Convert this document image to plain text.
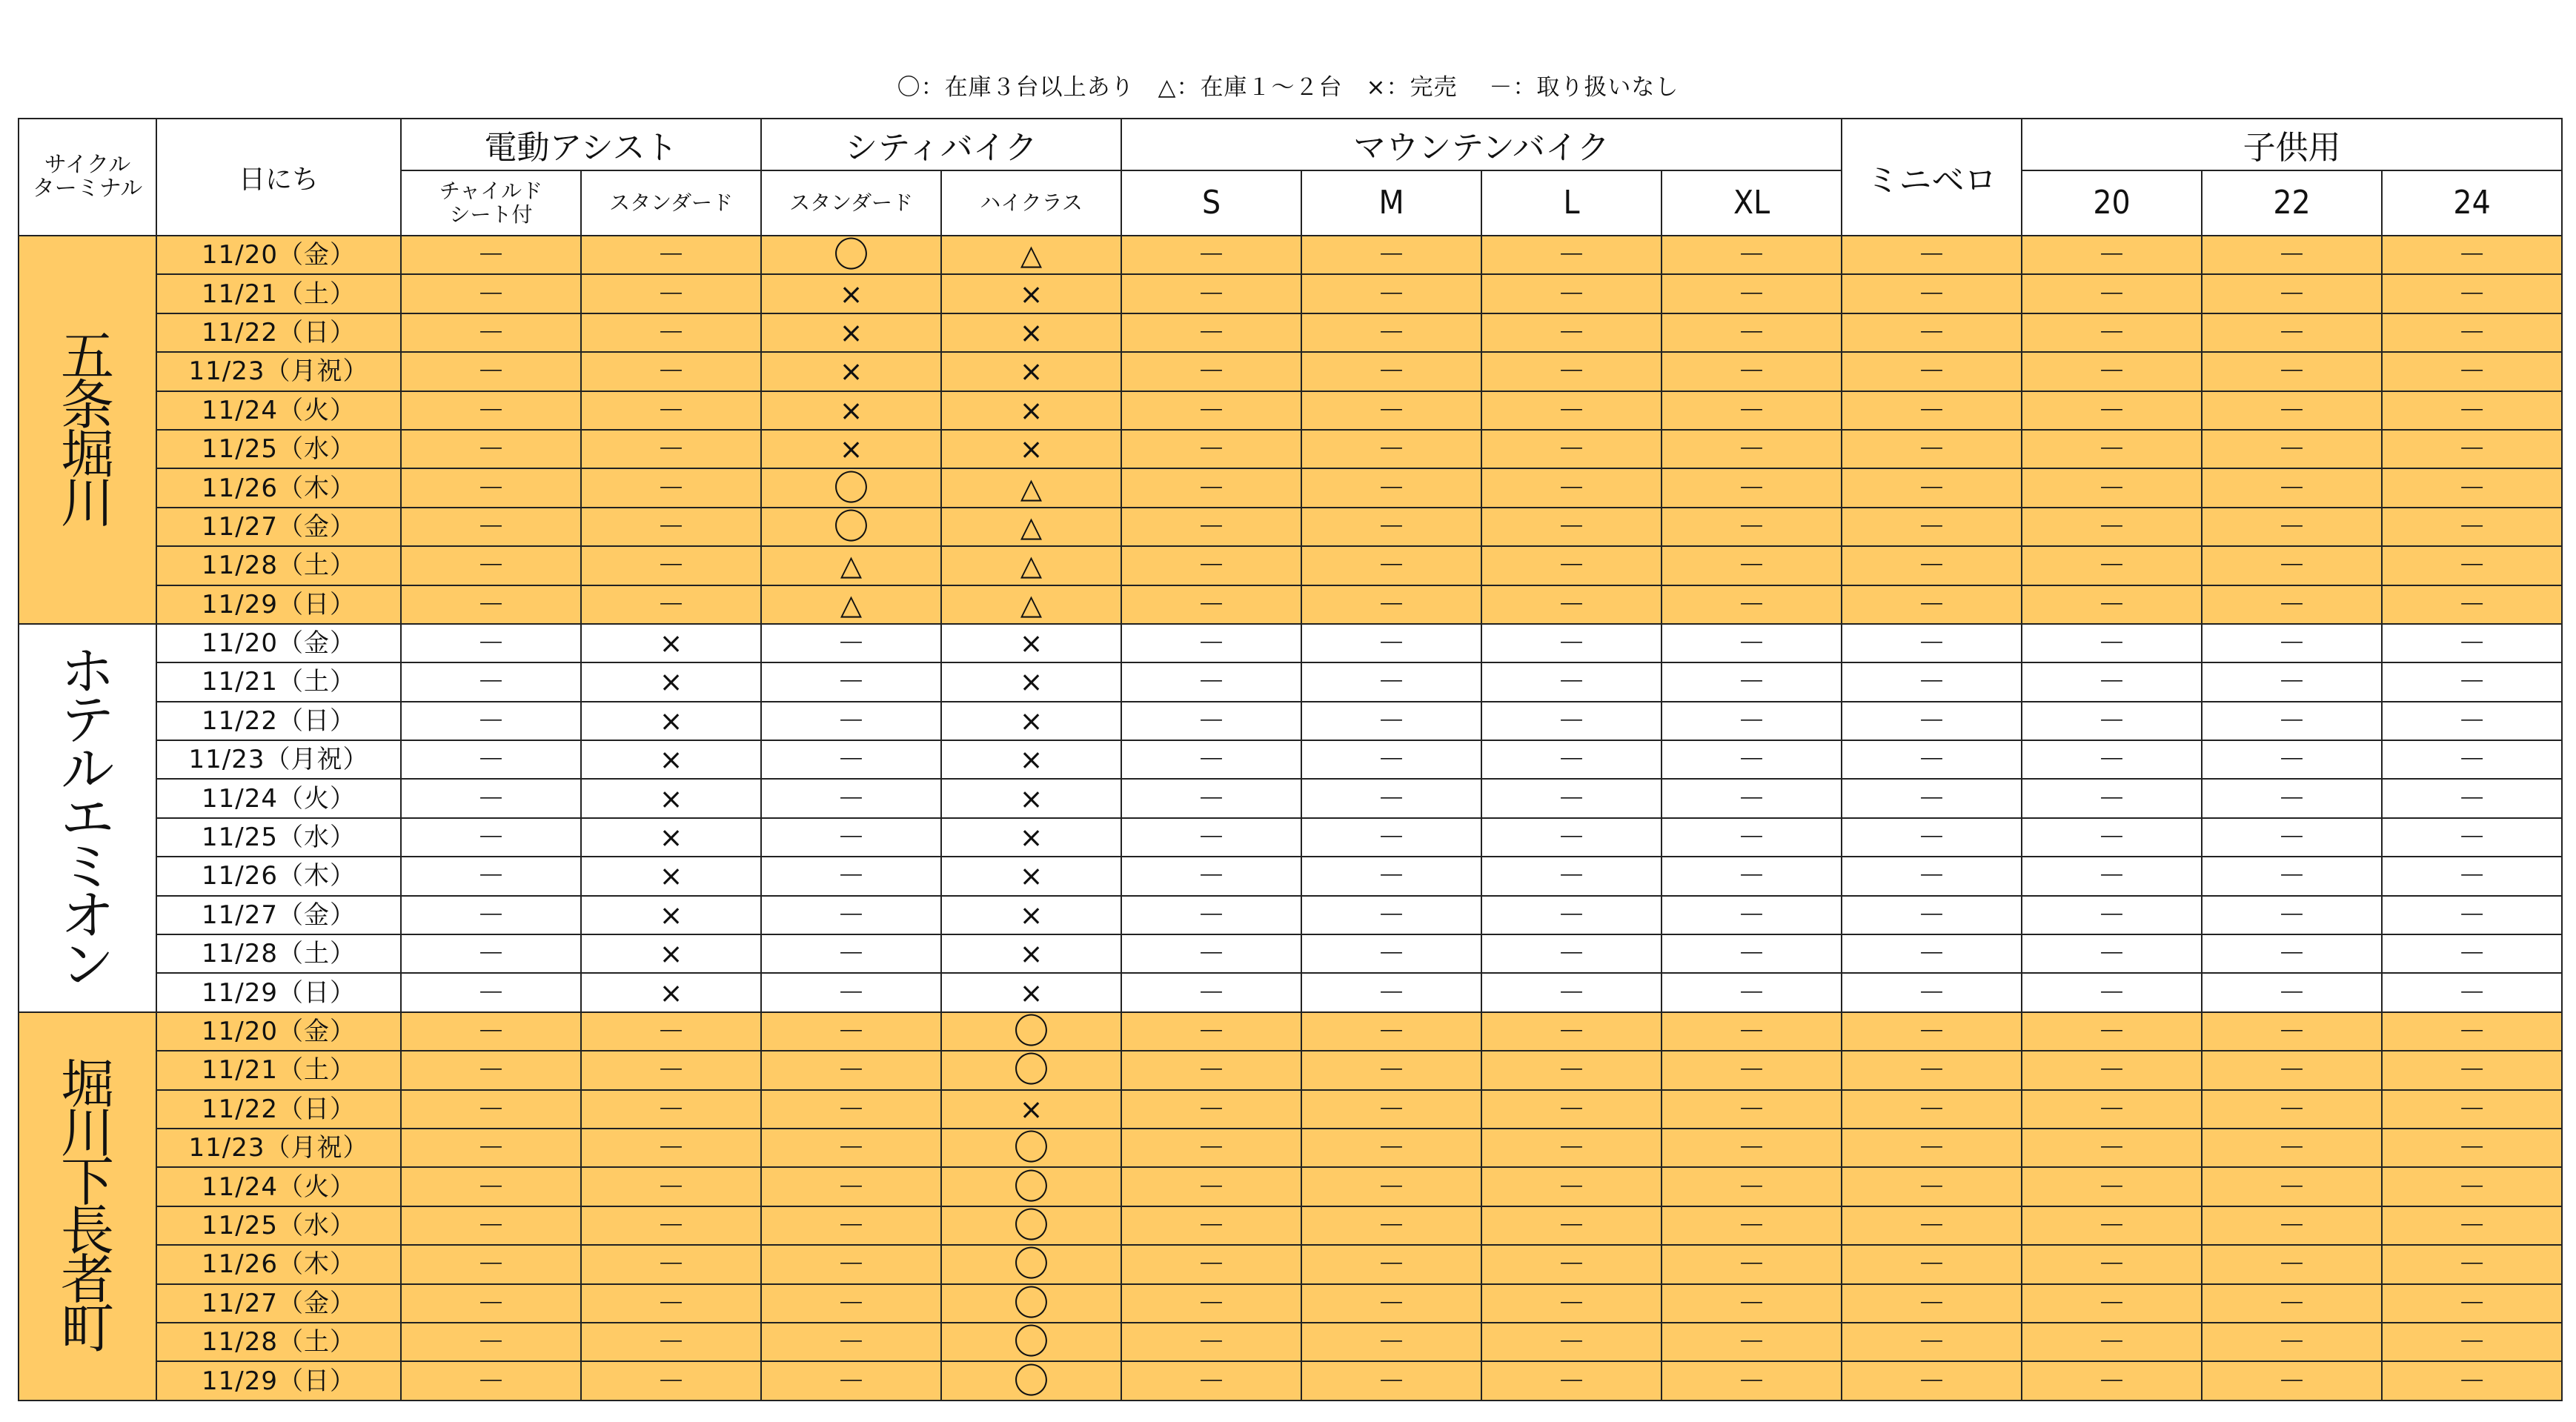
〇：在庫３台以上あり　△：在庫１～２台　×：完売　 －：取り扱いなし
サイクル
ターミナル	日にち	電動アシスト		シティバイク		マウンテンバイク				ミニベロ	子供用		
		チャイルド
シート付	スタンダード	スタンダード	ハイクラス	S	M	L	XL		20	22	24
五条堀川	11/20（金）	－	－	〇	△	－	－	－	－	－	－	－	－
	11/21（土）	－	－	×	×	－	－	－	－	－	－	－	－
	11/22（日）	－	－	×	×	－	－	－	－	－	－	－	－
	11/23（月祝）	－	－	×	×	－	－	－	－	－	－	－	－
	11/24（火）	－	－	×	×	－	－	－	－	－	－	－	－
	11/25（水）	－	－	×	×	－	－	－	－	－	－	－	－
	11/26（木）	－	－	〇	△	－	－	－	－	－	－	－	－
	11/27（金）	－	－	〇	△	－	－	－	－	－	－	－	－
	11/28（土）	－	－	△	△	－	－	－	－	－	－	－	－
	11/29（日）	－	－	△	△	－	－	－	－	－	－	－	－
ホテルエミオン	11/20（金）	－	×	－	×	－	－	－	－	－	－	－	－
	11/21（土）	－	×	－	×	－	－	－	－	－	－	－	－
	11/22（日）	－	×	－	×	－	－	－	－	－	－	－	－
	11/23（月祝）	－	×	－	×	－	－	－	－	－	－	－	－
	11/24（火）	－	×	－	×	－	－	－	－	－	－	－	－
	11/25（水）	－	×	－	×	－	－	－	－	－	－	－	－
	11/26（木）	－	×	－	×	－	－	－	－	－	－	－	－
	11/27（金）	－	×	－	×	－	－	－	－	－	－	－	－
	11/28（土）	－	×	－	×	－	－	－	－	－	－	－	－
	11/29（日）	－	×	－	×	－	－	－	－	－	－	－	－
堀川下長者町	11/20（金）	－	－	－	〇	－	－	－	－	－	－	－	－
	11/21（土）	－	－	－	〇	－	－	－	－	－	－	－	－
	11/22（日）	－	－	－	×	－	－	－	－	－	－	－	－
	11/23（月祝）	－	－	－	〇	－	－	－	－	－	－	－	－
	11/24（火）	－	－	－	〇	－	－	－	－	－	－	－	－
	11/25（水）	－	－	－	〇	－	－	－	－	－	－	－	－
	11/26（木）	－	－	－	〇	－	－	－	－	－	－	－	－
	11/27（金）	－	－	－	〇	－	－	－	－	－	－	－	－
	11/28（土）	－	－	－	〇	－	－	－	－	－	－	－	－
	11/29（日）	－	－	－	〇	－	－	－	－	－	－	－	－
